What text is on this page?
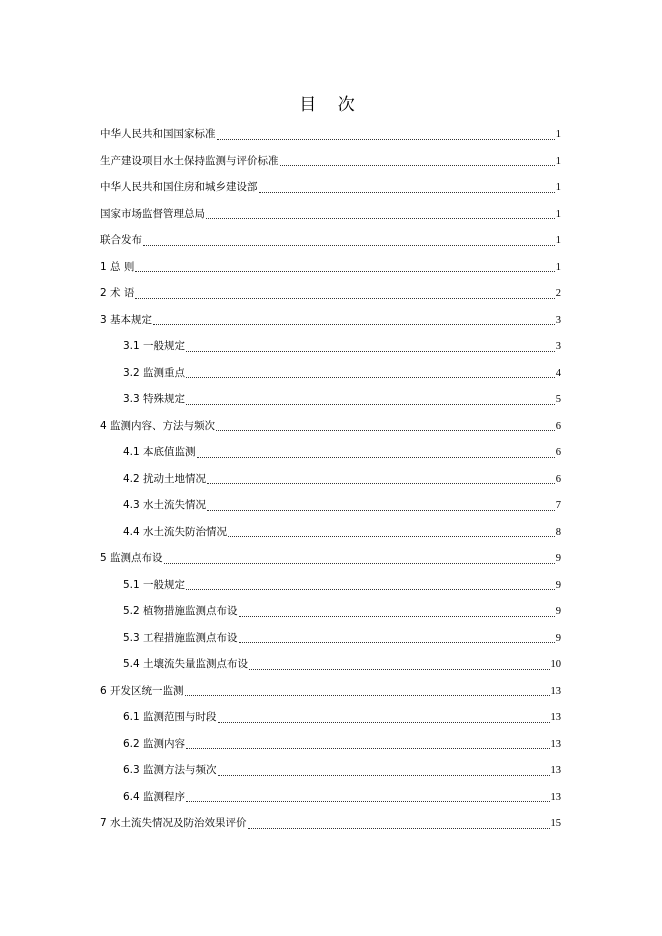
目 次
中华人民共和国国家标准	1
生产建设项目水土保持监测与评价标准	1
中华人民共和国住房和城乡建设部	1
国家市场监督管理总局	1
联合发布	1
1 总 则	1
2 术 语	2
3 基本规定	3
3.1 一般规定	3
3.2 监测重点	4
3.3 特殊规定	5
4 监测内容、方法与频次	6
4.1 本底值监测	6
4.2 扰动土地情况	6
4.3 水土流失情况	7
4.4 水土流失防治情况	8
5 监测点布设	9
5.1 一般规定	9
5.2 植物措施监测点布设	9
5.3 工程措施监测点布设	9
5.4 土壤流失量监测点布设	10
6 开发区统一监测	13
6.1 监测范围与时段	13
6.2 监测内容	13
6.3 监测方法与频次	13
6.4 监测程序	13
7 水土流失情况及防治效果评价	15
